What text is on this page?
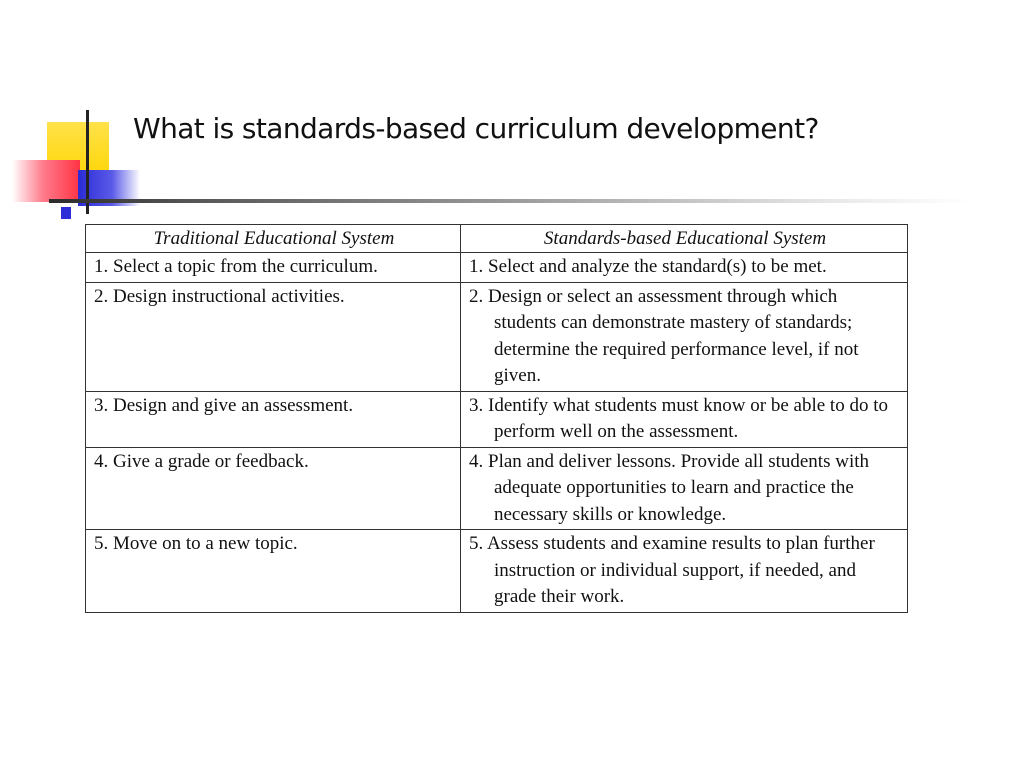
What is standards-based curriculum development?
Traditional Educational System	Standards-based Educational System

1. Select a topic from the curriculum.	1. Select and analyze the standard(s) to be met.

2. Design instructional activities.	2. Design or select an assessment through which students can demonstrate mastery of standards; determine the required performance level, if not given.

3. Design and give an assessment.	3. Identify what students must know or be able to do to perform well on the assessment.

4. Give a grade or feedback.	4. Plan and deliver lessons. Provide all students with adequate opportunities to learn and practice the necessary skills or knowledge.

5. Move on to a new topic.	5. Assess students and examine results to plan further instruction or individual support, if needed, and grade their work.
